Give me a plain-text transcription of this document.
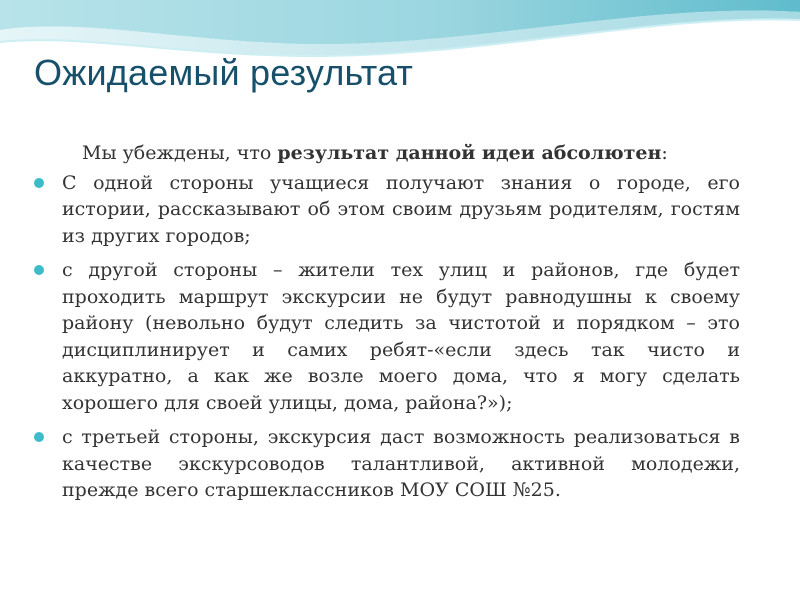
Ожидаемый результат

Мы убеждены, что результат данной идеи абсолютен:

С одной стороны учащиеся получают знания о городе, его истории, рассказывают об этом своим друзьям родителям, гостям из других городов;
с другой стороны – жители тех улиц и районов, где будет проходить маршрут экскурсии не будут равнодушны к своему району (невольно будут следить за чистотой и порядком – это дисциплинирует и самих ребят-«если здесь так чисто и аккуратно, а как же возле моего дома, что я могу сделать хорошего для своей улицы, дома, района?»);
с третьей стороны, экскурсия даст возможность реализоваться в качестве экскурсоводов талантливой, активной молодежи, прежде всего старшеклассников МОУ СОШ №25.
